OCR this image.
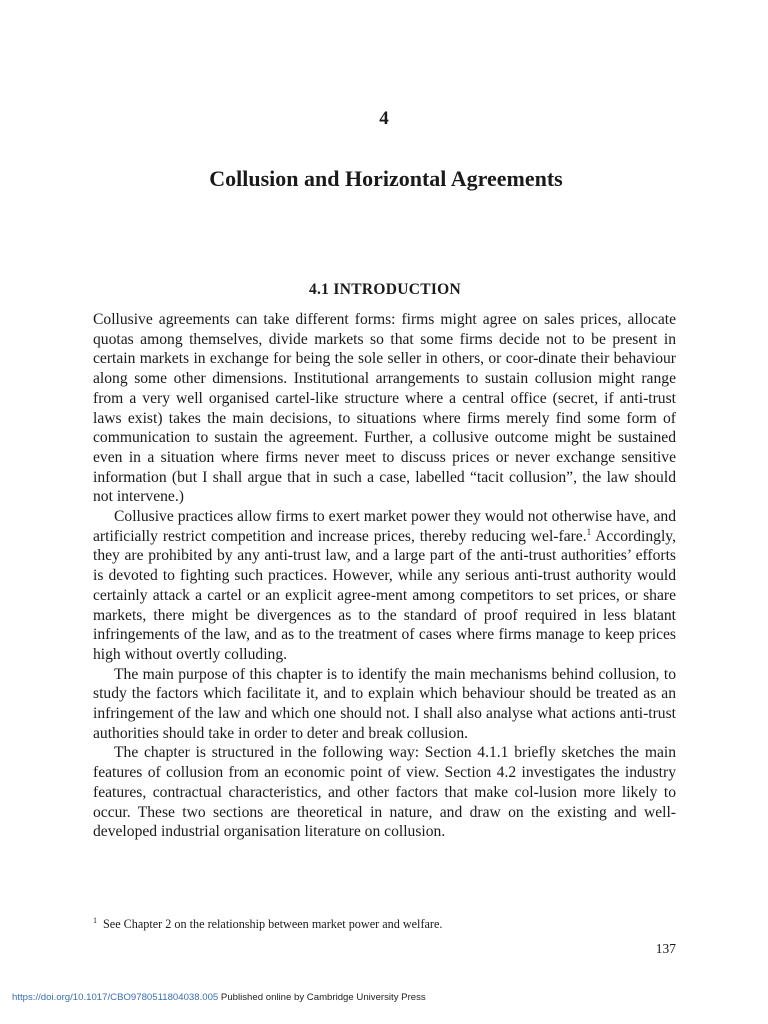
4
Collusion and Horizontal Agreements
4.1 INTRODUCTION

Collusive agreements can take different forms: firms might agree on sales prices, allocate quotas among themselves, divide markets so that some firms decide not to be present in certain markets in exchange for being the sole seller in others, or coor-dinate their behaviour along some other dimensions. Institutional arrangements to sustain collusion might range from a very well organised cartel-like structure where a central office (secret, if anti-trust laws exist) takes the main decisions, to situations where firms merely find some form of communication to sustain the agreement. Further, a collusive outcome might be sustained even in a situation where firms never meet to discuss prices or never exchange sensitive information (but I shall argue that in such a case, labelled “tacit collusion”, the law should not intervene.)

Collusive practices allow firms to exert market power they would not otherwise have, and artificially restrict competition and increase prices, thereby reducing wel-fare.$^1$ Accordingly, they are prohibited by any anti-trust law, and a large part of the anti-trust authorities’ efforts is devoted to fighting such practices. However, while any serious anti-trust authority would certainly attack a cartel or an explicit agree-ment among competitors to set prices, or share markets, there might be divergences as to the standard of proof required in less blatant infringements of the law, and as to the treatment of cases where firms manage to keep prices high without overtly colluding.

The main purpose of this chapter is to identify the main mechanisms behind collusion, to study the factors which facilitate it, and to explain which behaviour should be treated as an infringement of the law and which one should not. I shall also analyse what actions anti-trust authorities should take in order to deter and break collusion.

The chapter is structured in the following way: Section 4.1.1 briefly sketches the main features of collusion from an economic point of view. Section 4.2 investigates the industry features, contractual characteristics, and other factors that make col-lusion more likely to occur. These two sections are theoretical in nature, and draw on the existing and well-developed industrial organisation literature on collusion.

$^1$ See Chapter 2 on the relationship between market power and welfare.
137
https://doi.org/10.1017/CBO9780511804038.005 Published online by Cambridge University Press
